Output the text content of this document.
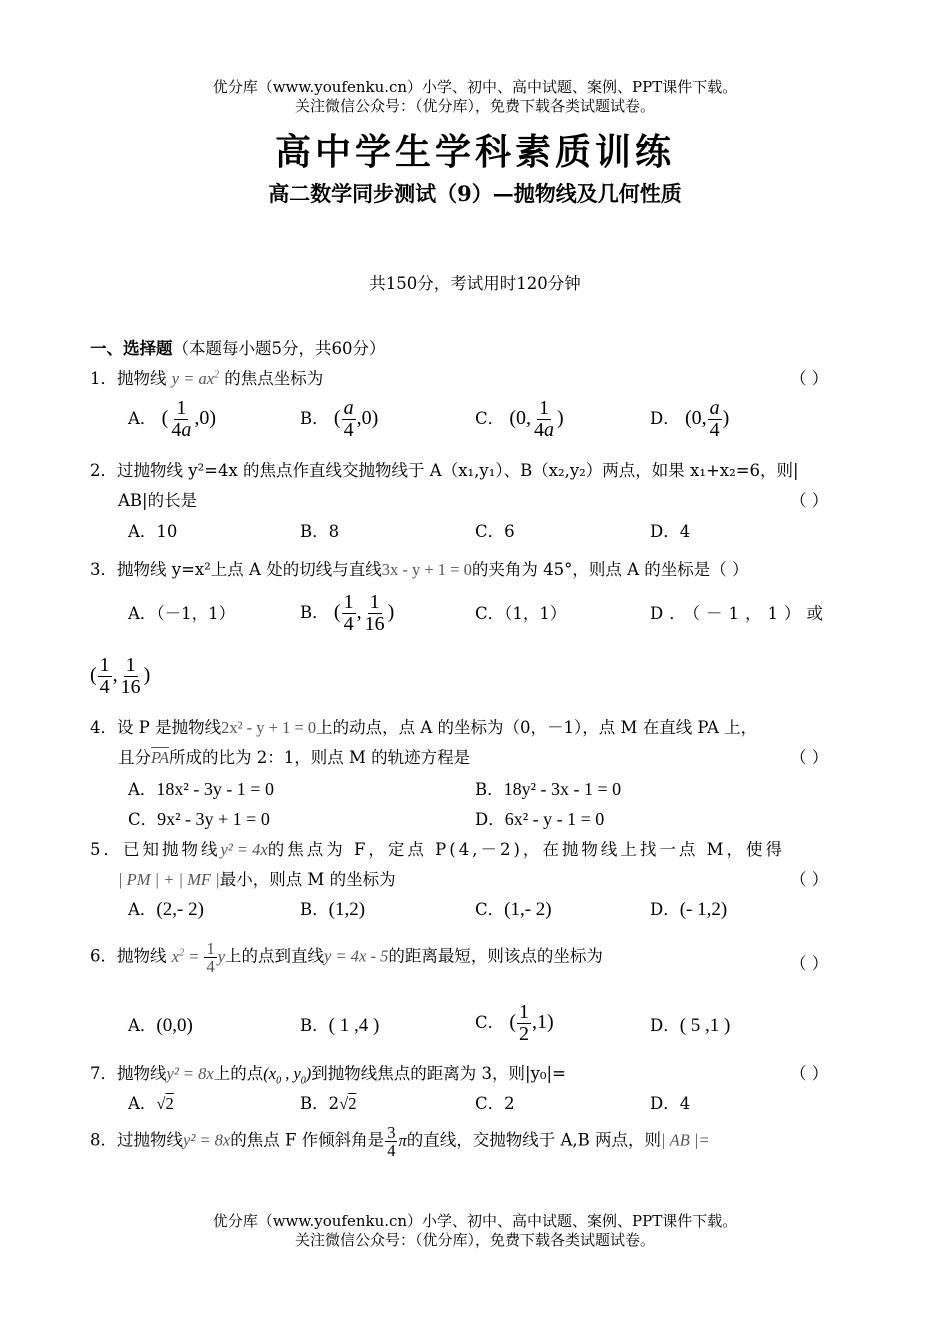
优分库（www.youfenku.cn）小学、初中、高中试题、案例、PPT课件下载。
关注微信公众号：（优分库），免费下载各类试题试卷。
高中学生学科素质训练
高二数学同步测试（9）—抛物线及几何性质
共150分，考试用时120分钟
一、选择题（本题每小题5分，共60分）
1．抛物线 $y = ax^2$ 的焦点坐标为	（ ）
A． ( $\frac{1}{4a} ,0$)	B． ( $\frac{a}{4} ,0$)	C． (0, $\frac{1}{4a}$ )	D． (0, $\frac{a}{4}$ )
2．过抛物线 y²=4x 的焦点作直线交抛物线于 A（x₁,y₁）、B（x₂,y₂）两点，如果 x₁+x₂=6，则|
AB|的长是	（ ）
A．10	B．8	C．6	D．4
3．抛物线 y=x²上点 A 处的切线与直线3x - y + 1 = 0的夹角为 45°，则点 A 的坐标是（ ）
A．（－1，1）	B． ( $\frac{1}{4}$ , $\frac{1}{16}$ )	C．（1，1）	D．（－1，1）或
( $\frac{1}{4}$ , $\frac{1}{16}$ )
4．设 P 是抛物线2x² - y + 1 = 0上的动点，点 A 的坐标为（0，－1），点 M 在直线 PA 上，
且分$\overline{PA}$所成的比为 2：1，则点 M 的轨迹方程是	（ ）
A．18x² - 3y - 1 = 0	B．18y² - 3x - 1 = 0
C．9x² - 3y + 1 = 0	D．6x² - y - 1 = 0
5．已知抛物线y² = 4x的焦点为 F，定点 P(4,－2)，在抛物线上找一点 M，使得
| PM | + | MF |最小，则点 M 的坐标为	（ ）
A．(2,- 2)	B．(1,2)	C．(1,- 2)	D．(- 1,2)
6．抛物线 $x^2 = \frac{1}{4}$ y上的点到直线y = 4x - 5的距离最短，则该点的坐标为	（ ）
A．(0,0)	B．( 1 ,4 )	C． ( $\frac{1}{2} ,1$)	D．( 5 ,1 )
7．抛物线y² = 8x上的点($x_0$ , $y_0$)到抛物线焦点的距离为 3，则|y₀|=	（ ）
A．√2	B．2√2	C．2	D．4
8．过抛物线y² = 8x的焦点 F 作倾斜角是 $\frac{3}{4}$ π的直线，交抛物线于 A,B 两点，则| AB |=
优分库（www.youfenku.cn）小学、初中、高中试题、案例、PPT课件下载。
关注微信公众号：（优分库），免费下载各类试题试卷。
